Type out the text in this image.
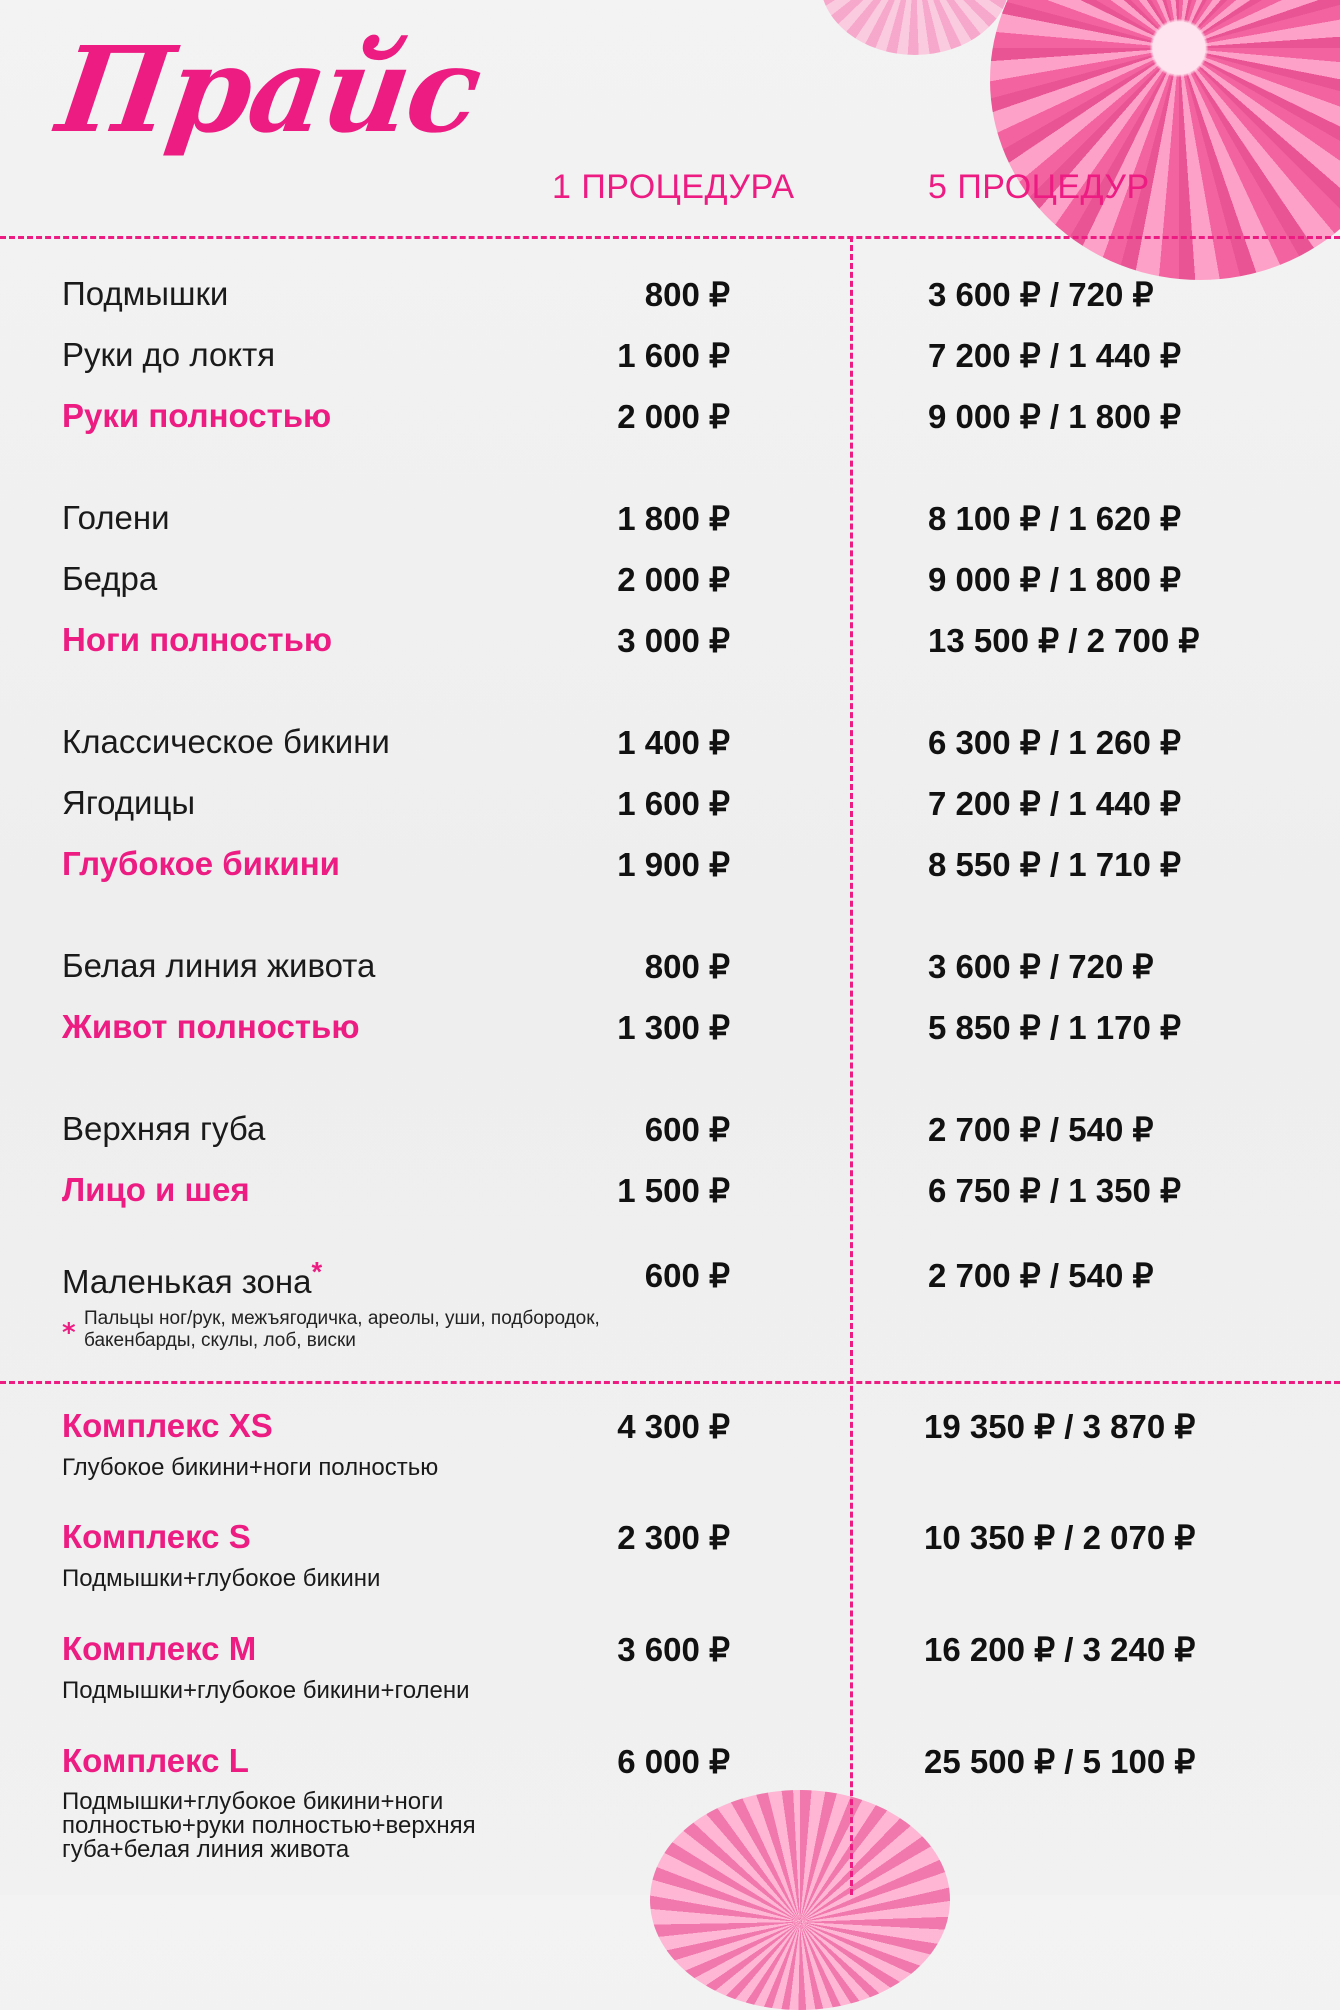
Прайс
1 ПРОЦЕДУРА	5 ПРОЦЕДУР
Подмышки	800 ₽	3 600 ₽ / 720 ₽
Руки до локтя	1 600 ₽	7 200 ₽ / 1 440 ₽
Руки полностью	2 000 ₽	9 000 ₽ / 1 800 ₽
Голени	1 800 ₽	8 100 ₽ / 1 620 ₽
Бедра	2 000 ₽	9 000 ₽ / 1 800 ₽
Ноги полностью	3 000 ₽	13 500 ₽ / 2 700 ₽
Классическое бикини	1 400 ₽	6 300 ₽ / 1 260 ₽
Ягодицы	1 600 ₽	7 200 ₽ / 1 440 ₽
Глубокое бикини	1 900 ₽	8 550 ₽ / 1 710 ₽
Белая линия живота	800 ₽	3 600 ₽ / 720 ₽
Живот полностью	1 300 ₽	5 850 ₽ / 1 170 ₽
Верхняя губа	600 ₽	2 700 ₽ / 540 ₽
Лицо и шея	1 500 ₽	6 750 ₽ / 1 350 ₽
Маленькая зона*	600 ₽	2 700 ₽ / 540 ₽
* Пальцы ног/рук, межъягодичка, ареолы, уши, подбородок, бакенбарды, скулы, лоб, виски
Комплекс XS	4 300 ₽	19 350 ₽ / 3 870 ₽
Глубокое бикини+ноги полностью
Комплекс S	2 300 ₽	10 350 ₽ / 2 070 ₽
Подмышки+глубокое бикини
Комплекс M	3 600 ₽	16 200 ₽ / 3 240 ₽
Подмышки+глубокое бикини+голени
Комплекс L	6 000 ₽	25 500 ₽ / 5 100 ₽
Подмышки+глубокое бикини+ноги полностью+руки полностью+верхняя губа+белая линия живота
